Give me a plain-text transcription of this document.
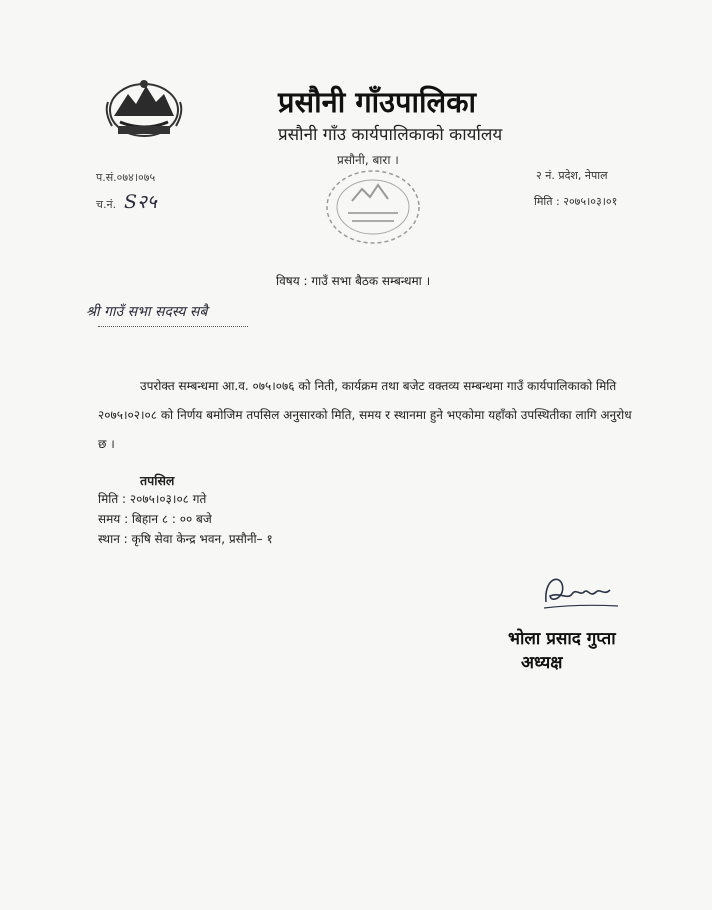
प्रसौनी गाँउपालिका
प्रसौनी गाँउ कार्यपालिकाको कार्यालय
प्रसौनी, बारा ।
प.सं.०७४।०७५
च.नं. S२५
२ नं. प्रदेश, नेपाल
मिति : २०७५।०३।०१
विषय : गाउँ सभा बैठक सम्बन्धमा ।
श्री गाउँ सभा सदस्य सबै

उपरोक्त सम्बन्धमा आ.व. ०७५।०७६ को निती, कार्यक्रम तथा बजेट वक्तव्य सम्बन्धमा गाउँ कार्यपालिकाको मिति २०७५।०२।०८ को निर्णय बमोजिम तपसिल अनुसारको मिति, समय र स्थानमा हुने भएकोमा यहाँको उपस्थितीका लागि अनुरोध छ ।

तपसिल
मिति : २०७५।०३।०८ गते
समय : बिहान ८ : ०० बजे
स्थान : कृषि सेवा केन्द्र भवन, प्रसौनी– १
भोला प्रसाद गुप्ता
अध्यक्ष
